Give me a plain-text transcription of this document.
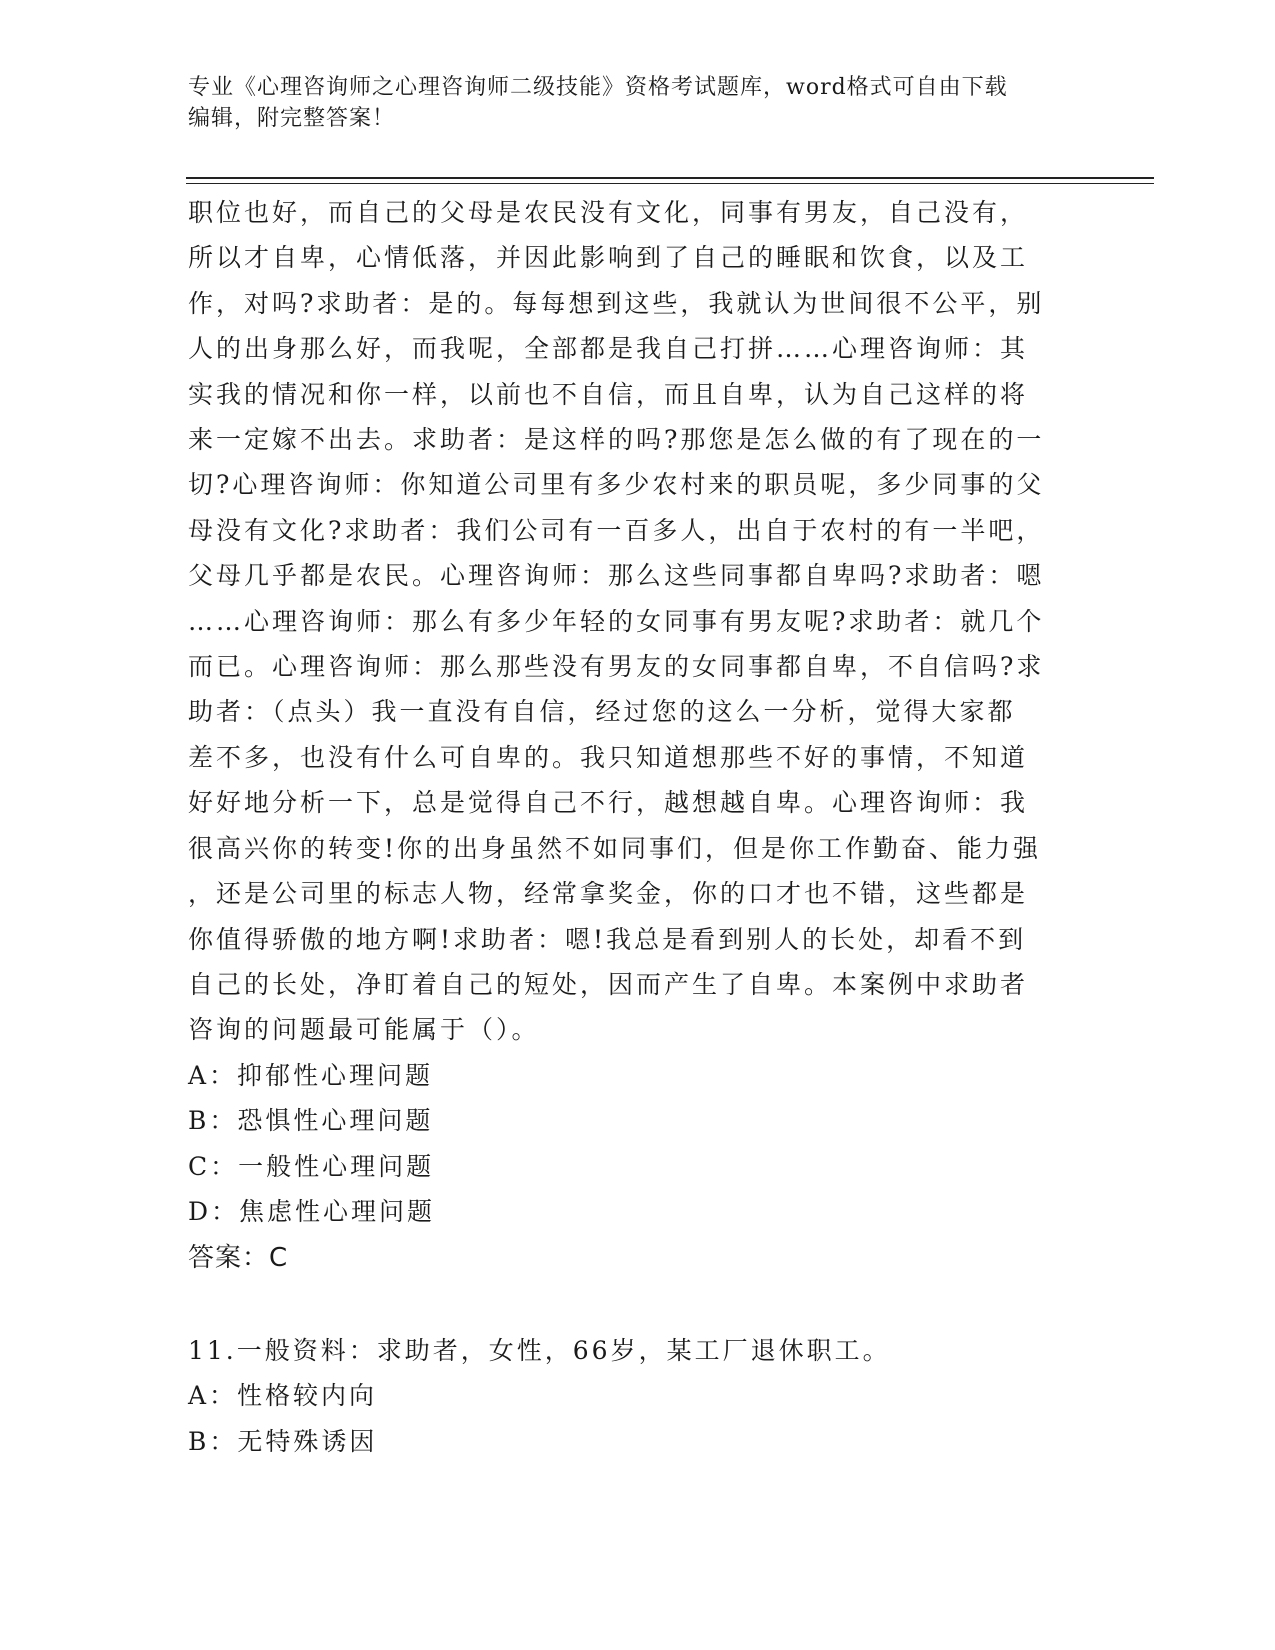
专业《心理咨询师之心理咨询师二级技能》资格考试题库，word格式可自由下载
编辑，附完整答案！
职位也好，而自己的父母是农民没有文化，同事有男友，自己没有，
所以才自卑，心情低落，并因此影响到了自己的睡眠和饮食，以及工
作，对吗?求助者：是的。每每想到这些，我就认为世间很不公平，别
人的出身那么好，而我呢，全部都是我自己打拼……心理咨询师：其
实我的情况和你一样，以前也不自信，而且自卑，认为自己这样的将
来一定嫁不出去。求助者：是这样的吗?那您是怎么做的有了现在的一
切?心理咨询师：你知道公司里有多少农村来的职员呢，多少同事的父
母没有文化?求助者：我们公司有一百多人，出自于农村的有一半吧，
父母几乎都是农民。心理咨询师：那么这些同事都自卑吗?求助者：嗯
……心理咨询师：那么有多少年轻的女同事有男友呢?求助者：就几个
而已。心理咨询师：那么那些没有男友的女同事都自卑，不自信吗?求
助者：（点头）我一直没有自信，经过您的这么一分析，觉得大家都
差不多，也没有什么可自卑的。我只知道想那些不好的事情，不知道
好好地分析一下，总是觉得自己不行，越想越自卑。心理咨询师：我
很高兴你的转变!你的出身虽然不如同事们，但是你工作勤奋、能力强
，还是公司里的标志人物，经常拿奖金，你的口才也不错，这些都是
你值得骄傲的地方啊!求助者：嗯!我总是看到别人的长处，却看不到
自己的长处，净盯着自己的短处，因而产生了自卑。本案例中求助者
咨询的问题最可能属于（）。
A：抑郁性心理问题
B：恐惧性心理问题
C：一般性心理问题
D：焦虑性心理问题
答案：C
11.一般资料：求助者，女性，66岁，某工厂退休职工。
A：性格较内向
B：无特殊诱因
